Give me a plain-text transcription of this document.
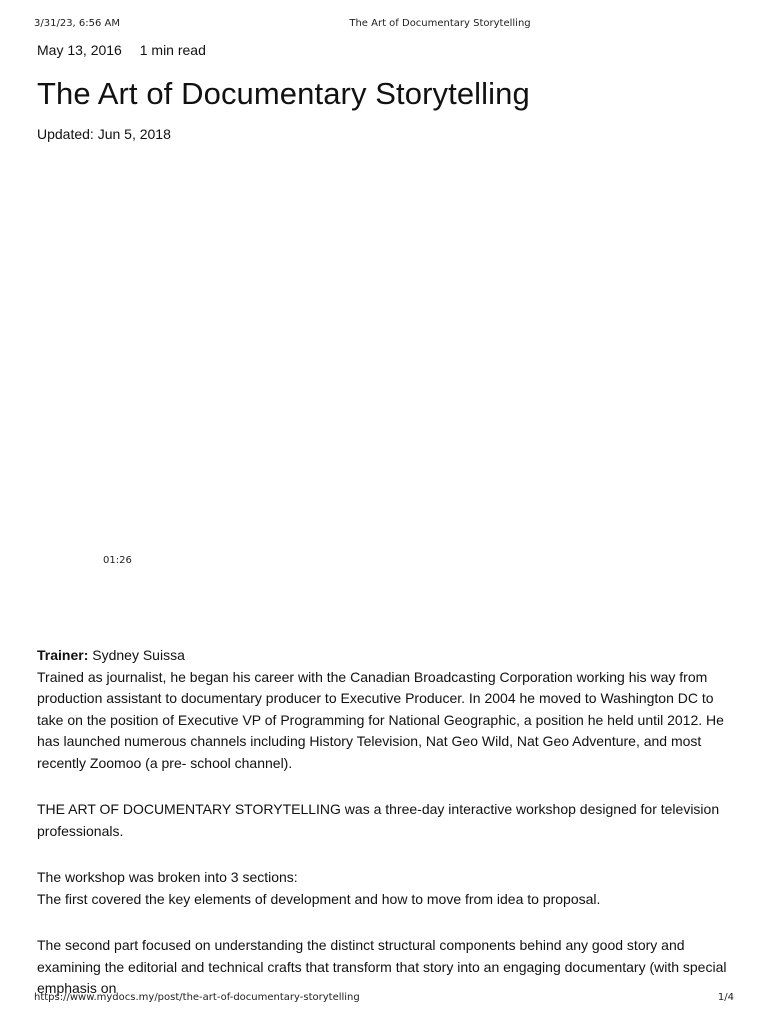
3/31/23, 6:56 AM	The Art of Documentary Storytelling

May 13, 2016 1 min read

The Art of Documentary Storytelling

Updated: Jun 5, 2018

01:26

Trainer: Sydney Suissa
Trained as journalist, he began his career with the Canadian Broadcasting Corporation working his way from production assistant to documentary producer to Executive Producer. In 2004 he moved to Washington DC to take on the position of Executive VP of Programming for National Geographic, a position he held until 2012. He has launched numerous channels including History Television, Nat Geo Wild, Nat Geo Adventure, and most recently Zoomoo (a pre- school channel).

THE ART OF DOCUMENTARY STORYTELLING was a three-day interactive workshop designed for television professionals.

The workshop was broken into 3 sections:
The first covered the key elements of development and how to move from idea to proposal.

The second part focused on understanding the distinct structural components behind any good story and examining the editorial and technical crafts that transform that story into an engaging documentary (with special emphasis on

https://www.mydocs.my/post/the-art-of-documentary-storytelling	1/4
